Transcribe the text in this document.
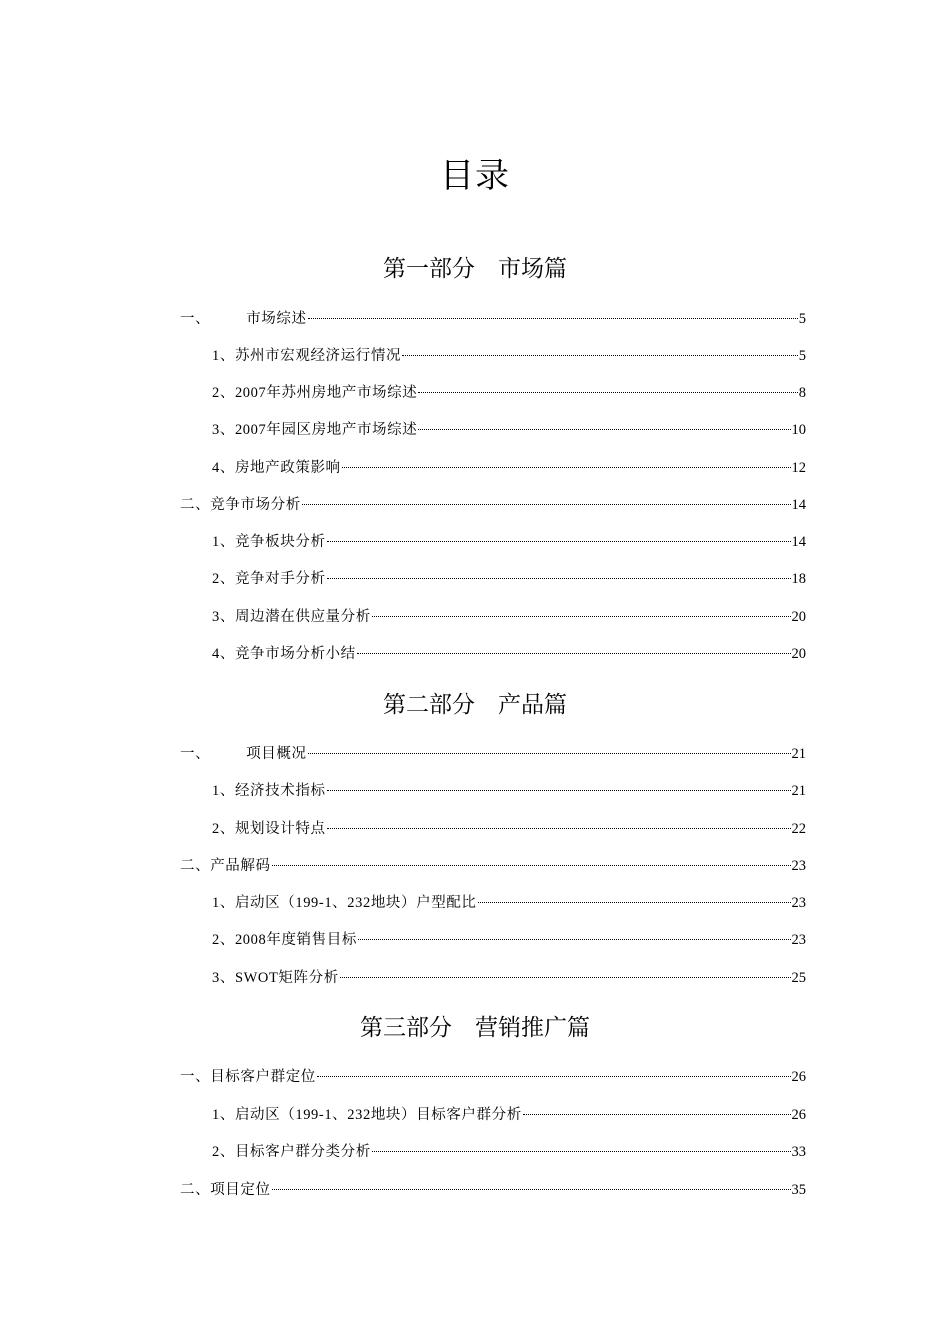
目录
第一部分　市场篇
一、 市场综述	5
1、苏州市宏观经济运行情况	5
2、2007年苏州房地产市场综述	8
3、2007年园区房地产市场综述	10
4、房地产政策影响	12
二、竞争市场分析	14
1、竞争板块分析	14
2、竞争对手分析	18
3、周边潜在供应量分析	20
4、竞争市场分析小结	20
第二部分　产品篇
一、 项目概况	21
1、经济技术指标	21
2、规划设计特点	22
二、产品解码	23
1、启动区（199-1、232地块）户型配比	23
2、2008年度销售目标	23
3、SWOT矩阵分析	25
第三部分　营销推广篇
一、目标客户群定位	26
1、启动区（199-1、232地块）目标客户群分析	26
2、目标客户群分类分析	33
二、项目定位	35
